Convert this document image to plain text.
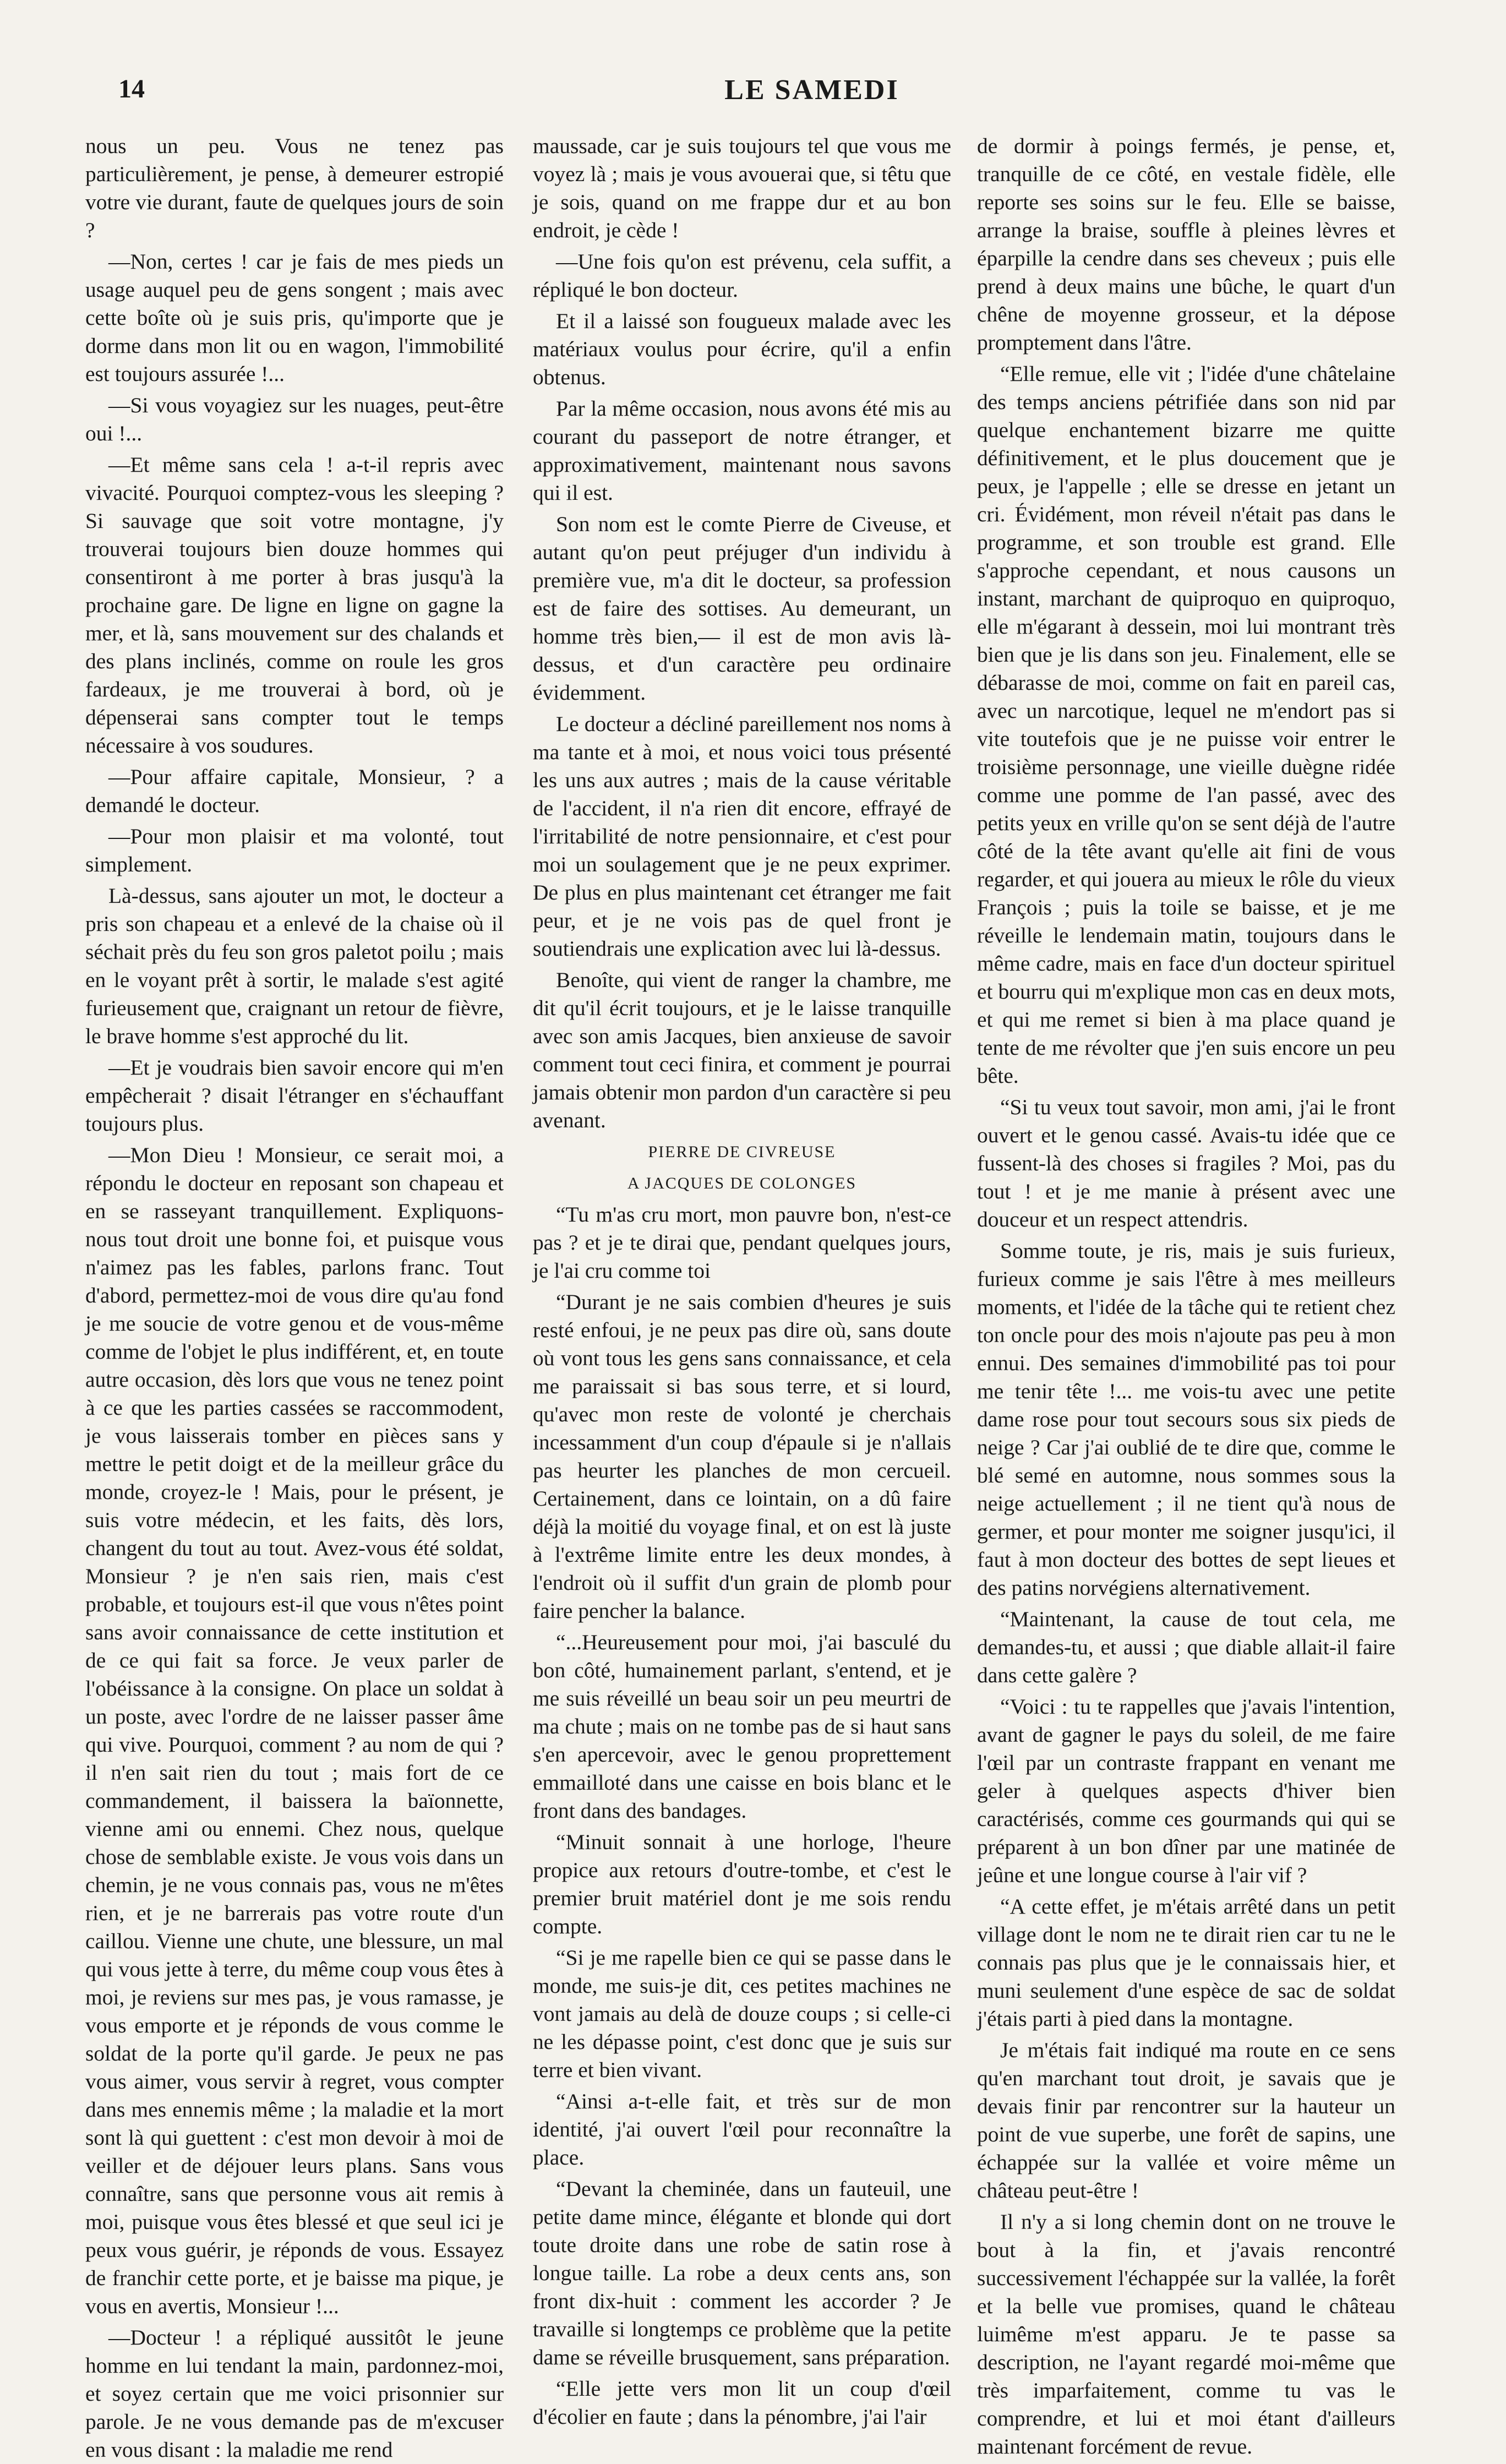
14	LE SAMEDI

nous un peu. Vous ne tenez pas particulièrement, je pense, à demeurer estropié votre vie durant, faute de quelques jours de soin ?

—Non, certes ! car je fais de mes pieds un usage auquel peu de gens songent ; mais avec cette boîte où je suis pris, qu'importe que je dorme dans mon lit ou en wagon, l'immobilité est toujours assurée !...

—Si vous voyagiez sur les nuages, peut-être oui !...

—Et même sans cela ! a-t-il repris avec vivacité. Pourquoi comptez-vous les sleeping ? Si sauvage que soit votre montagne, j'y trouverai toujours bien douze hommes qui consentiront à me porter à bras jusqu'à la prochaine gare. De ligne en ligne on gagne la mer, et là, sans mouvement sur des chalands et des plans inclinés, comme on roule les gros fardeaux, je me trouverai à bord, où je dépenserai sans compter tout le temps nécessaire à vos soudures.

—Pour affaire capitale, Monsieur, ? a demandé le docteur.

—Pour mon plaisir et ma volonté, tout simplement.

Là-dessus, sans ajouter un mot, le docteur a pris son chapeau et a enlevé de la chaise où il séchait près du feu son gros paletot poilu ; mais en le voyant prêt à sortir, le malade s'est agité furieusement que, craignant un retour de fièvre, le brave homme s'est approché du lit.

—Et je voudrais bien savoir encore qui m'en empêcherait ? disait l'étranger en s'échauffant toujours plus.

—Mon Dieu ! Monsieur, ce serait moi, a répondu le docteur en reposant son chapeau et en se rasseyant tranquillement. Expliquons-nous tout droit une bonne foi, et puisque vous n'aimez pas les fables, parlons franc. Tout d'abord, permettez-moi de vous dire qu'au fond je me soucie de votre genou et de vous-même comme de l'objet le plus indifférent, et, en toute autre occasion, dès lors que vous ne tenez point à ce que les parties cassées se raccommodent, je vous laisserais tomber en pièces sans y mettre le petit doigt et de la meilleur grâce du monde, croyez-le ! Mais, pour le présent, je suis votre médecin, et les faits, dès lors, changent du tout au tout. Avez-vous été soldat, Monsieur ? je n'en sais rien, mais c'est probable, et toujours est-il que vous n'êtes point sans avoir connaissance de cette institution et de ce qui fait sa force. Je veux parler de l'obéissance à la consigne. On place un soldat à un poste, avec l'ordre de ne laisser passer âme qui vive. Pourquoi, comment ? au nom de qui ? il n'en sait rien du tout ; mais fort de ce commandement, il baissera la baïonnette, vienne ami ou ennemi. Chez nous, quelque chose de semblable existe. Je vous vois dans un chemin, je ne vous connais pas, vous ne m'êtes rien, et je ne barrerais pas votre route d'un caillou. Vienne une chute, une blessure, un mal qui vous jette à terre, du même coup vous êtes à moi, je reviens sur mes pas, je vous ramasse, je vous emporte et je réponds de vous comme le soldat de la porte qu'il garde. Je peux ne pas vous aimer, vous servir à regret, vous compter dans mes ennemis même ; la maladie et la mort sont là qui guettent : c'est mon devoir à moi de veiller et de déjouer leurs plans. Sans vous connaître, sans que personne vous ait remis à moi, puisque vous êtes blessé et que seul ici je peux vous guérir, je réponds de vous. Essayez de franchir cette porte, et je baisse ma pique, je vous en avertis, Monsieur !...

—Docteur ! a répliqué aussitôt le jeune homme en lui tendant la main, pardonnez-moi, et soyez certain que me voici prisonnier sur parole. Je ne vous demande pas de m'excuser en vous disant : la maladie me rend

maussade, car je suis toujours tel que vous me voyez là ; mais je vous avouerai que, si têtu que je sois, quand on me frappe dur et au bon endroit, je cède !

—Une fois qu'on est prévenu, cela suffit, a répliqué le bon docteur.

Et il a laissé son fougueux malade avec les matériaux voulus pour écrire, qu'il a enfin obtenus.

Par la même occasion, nous avons été mis au courant du passeport de notre étranger, et approximativement, maintenant nous savons qui il est.

Son nom est le comte Pierre de Civeuse, et autant qu'on peut préjuger d'un individu à première vue, m'a dit le docteur, sa profession est de faire des sottises. Au demeurant, un homme très bien,— il est de mon avis là-dessus, et d'un caractère peu ordinaire évidemment.

Le docteur a décliné pareillement nos noms à ma tante et à moi, et nous voici tous présenté les uns aux autres ; mais de la cause véritable de l'accident, il n'a rien dit encore, effrayé de l'irritabilité de notre pensionnaire, et c'est pour moi un soulagement que je ne peux exprimer. De plus en plus maintenant cet étranger me fait peur, et je ne vois pas de quel front je soutiendrais une explication avec lui là-dessus.

Benoîte, qui vient de ranger la chambre, me dit qu'il écrit toujours, et je le laisse tranquille avec son amis Jacques, bien anxieuse de savoir comment tout ceci finira, et comment je pourrai jamais obtenir mon pardon d'un caractère si peu avenant.

PIERRE DE CIVREUSE

A JACQUES DE COLONGES

“Tu m'as cru mort, mon pauvre bon, n'est-ce pas ? et je te dirai que, pendant quelques jours, je l'ai cru comme toi

“Durant je ne sais combien d'heures je suis resté enfoui, je ne peux pas dire où, sans doute où vont tous les gens sans connaissance, et cela me paraissait si bas sous terre, et si lourd, qu'avec mon reste de volonté je cherchais incessamment d'un coup d'épaule si je n'allais pas heurter les planches de mon cercueil. Certainement, dans ce lointain, on a dû faire déjà la moitié du voyage final, et on est là juste à l'extrême limite entre les deux mondes, à l'endroit où il suffit d'un grain de plomb pour faire pencher la balance.

“...Heureusement pour moi, j'ai basculé du bon côté, humainement parlant, s'entend, et je me suis réveillé un beau soir un peu meurtri de ma chute ; mais on ne tombe pas de si haut sans s'en apercevoir, avec le genou proprettement emmailloté dans une caisse en bois blanc et le front dans des bandages.

“Minuit sonnait à une horloge, l'heure propice aux retours d'outre-tombe, et c'est le premier bruit matériel dont je me sois rendu compte.

“Si je me rapelle bien ce qui se passe dans le monde, me suis-je dit, ces petites machines ne vont jamais au delà de douze coups ; si celle-ci ne les dépasse point, c'est donc que je suis sur terre et bien vivant.

“Ainsi a-t-elle fait, et très sur de mon identité, j'ai ouvert l'œil pour reconnaître la place.

“Devant la cheminée, dans un fauteuil, une petite dame mince, élégante et blonde qui dort toute droite dans une robe de satin rose à longue taille. La robe a deux cents ans, son front dix-huit : comment les accorder ? Je travaille si longtemps ce problème que la petite dame se réveille brusquement, sans préparation.

“Elle jette vers mon lit un coup d'œil d'écolier en faute ; dans la pénombre, j'ai l'air

de dormir à poings fermés, je pense, et, tranquille de ce côté, en vestale fidèle, elle reporte ses soins sur le feu. Elle se baisse, arrange la braise, souffle à pleines lèvres et éparpille la cendre dans ses cheveux ; puis elle prend à deux mains une bûche, le quart d'un chêne de moyenne grosseur, et la dépose promptement dans l'âtre.

“Elle remue, elle vit ; l'idée d'une châtelaine des temps anciens pétrifiée dans son nid par quelque enchantement bizarre me quitte définitivement, et le plus doucement que je peux, je l'appelle ; elle se dresse en jetant un cri. Évidément, mon réveil n'était pas dans le programme, et son trouble est grand. Elle s'approche cependant, et nous causons un instant, marchant de quiproquo en quiproquo, elle m'égarant à dessein, moi lui montrant très bien que je lis dans son jeu. Finalement, elle se débarasse de moi, comme on fait en pareil cas, avec un narcotique, lequel ne m'endort pas si vite toutefois que je ne puisse voir entrer le troisième personnage, une vieille duègne ridée comme une pomme de l'an passé, avec des petits yeux en vrille qu'on se sent déjà de l'autre côté de la tête avant qu'elle ait fini de vous regarder, et qui jouera au mieux le rôle du vieux François ; puis la toile se baisse, et je me réveille le lendemain matin, toujours dans le même cadre, mais en face d'un docteur spirituel et bourru qui m'explique mon cas en deux mots, et qui me remet si bien à ma place quand je tente de me révolter que j'en suis encore un peu bête.

“Si tu veux tout savoir, mon ami, j'ai le front ouvert et le genou cassé. Avais-tu idée que ce fussent-là des choses si fragiles ? Moi, pas du tout ! et je me manie à présent avec une douceur et un respect attendris.

Somme toute, je ris, mais je suis furieux, furieux comme je sais l'être à mes meilleurs moments, et l'idée de la tâche qui te retient chez ton oncle pour des mois n'ajoute pas peu à mon ennui. Des semaines d'immobilité pas toi pour me tenir tête !... me vois-tu avec une petite dame rose pour tout secours sous six pieds de neige ? Car j'ai oublié de te dire que, comme le blé semé en automne, nous sommes sous la neige actuellement ; il ne tient qu'à nous de germer, et pour monter me soigner jusqu'ici, il faut à mon docteur des bottes de sept lieues et des patins norvégiens alternativement.

“Maintenant, la cause de tout cela, me demandes-tu, et aussi ; que diable allait-il faire dans cette galère ?

“Voici : tu te rappelles que j'avais l'intention, avant de gagner le pays du soleil, de me faire l'œil par un contraste frappant en venant me geler à quelques aspects d'hiver bien caractérisés, comme ces gourmands qui qui se préparent à un bon dîner par une matinée de jeûne et une longue course à l'air vif ?

“A cette effet, je m'étais arrêté dans un petit village dont le nom ne te dirait rien car tu ne le connais pas plus que je le connaissais hier, et muni seulement d'une espèce de sac de soldat j'étais parti à pied dans la montagne.

Je m'étais fait indiqué ma route en ce sens qu'en marchant tout droit, je savais que je devais finir par rencontrer sur la hauteur un point de vue superbe, une forêt de sapins, une échappée sur la vallée et voire même un château peut-être !

Il n'y a si long chemin dont on ne trouve le bout à la fin, et j'avais rencontré successivement l'échappée sur la vallée, la forêt et la belle vue promises, quand le château luimême m'est apparu. Je te passe sa description, ne l'ayant regardé moi-même que très imparfaitement, comme tu vas le comprendre, et lui et moi étant d'ailleurs maintenant forcément de revue.
